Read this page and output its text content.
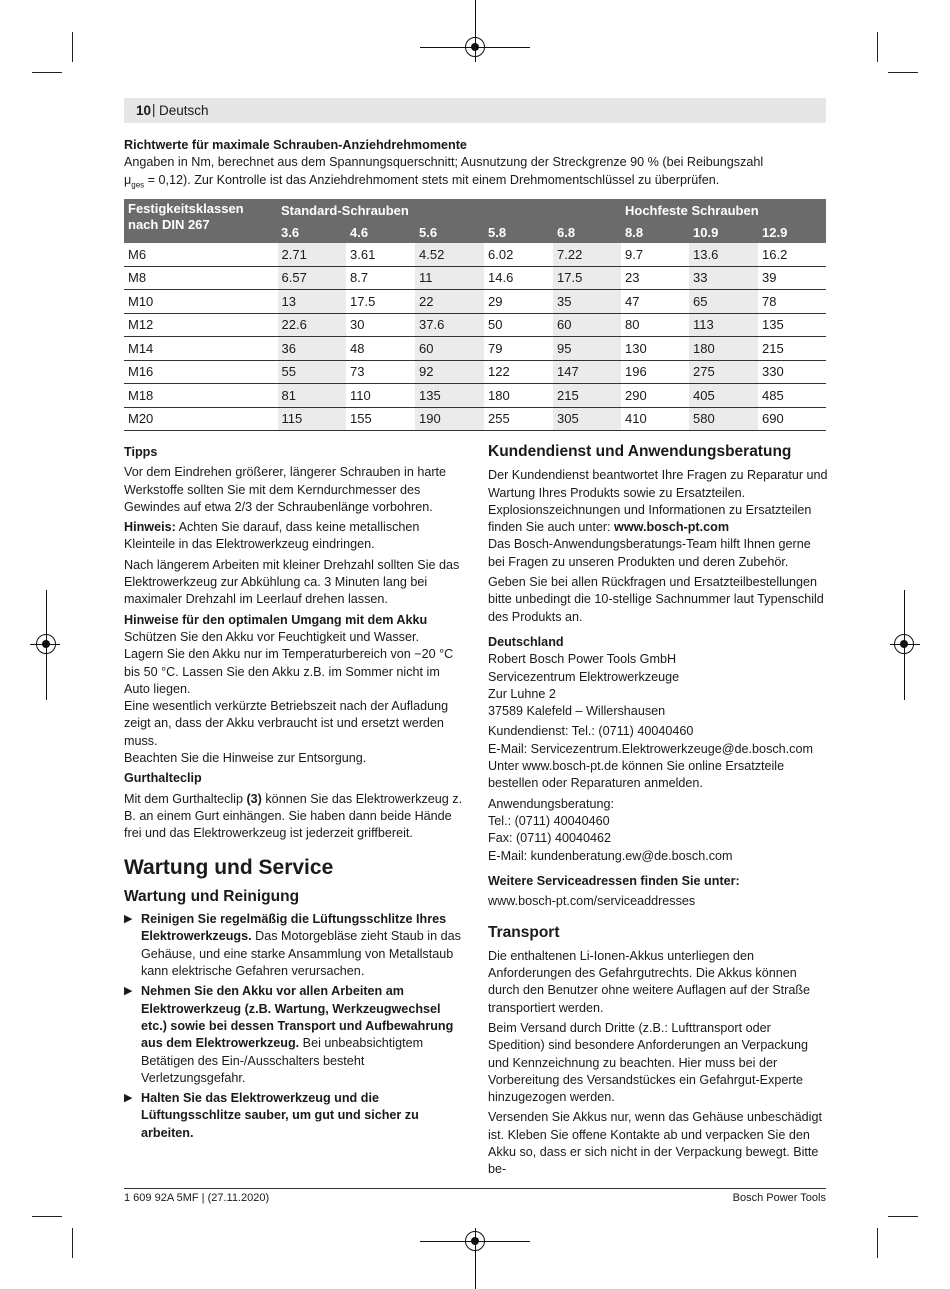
10 | Deutsch
Richtwerte für maximale Schrauben-Anziehdrehmomente
Angaben in Nm, berechnet aus dem Spannungsquerschnitt; Ausnutzung der Streckgrenze 90 % (bei Reibungszahl
$\mu_{ges} = 0,12$). Zur Kontrolle ist das Anziehdrehmoment stets mit einem Drehmomentschlüssel zu überprüfen.
Festigkeitsklassen nach DIN 267	Standard-Schrauben					Hochfeste Schrauben		
	3.6	4.6	5.6	5.8	6.8	8.8	10.9	12.9
M6	2.71	3.61	4.52	6.02	7.22	9.7	13.6	16.2
M8	6.57	8.7	11	14.6	17.5	23	33	39
M10	13	17.5	22	29	35	47	65	78
M12	22.6	30	37.6	50	60	80	113	135
M14	36	48	60	79	95	130	180	215
M16	55	73	92	122	147	196	275	330
M18	81	110	135	180	215	290	405	485
M20	115	155	190	255	305	410	580	690
Tipps
Vor dem Eindrehen größerer, längerer Schrauben in harte Werkstoffe sollten Sie mit dem Kerndurchmesser des Gewindes auf etwa 2/3 der Schraubenlänge vorbohren.
Hinweis: Achten Sie darauf, dass keine metallischen Kleinteile in das Elektrowerkzeug eindringen.
Nach längerem Arbeiten mit kleiner Drehzahl sollten Sie das Elektrowerkzeug zur Abkühlung ca. 3 Minuten lang bei maximaler Drehzahl im Leerlauf drehen lassen.
Hinweise für den optimalen Umgang mit dem Akku
Schützen Sie den Akku vor Feuchtigkeit und Wasser.
Lagern Sie den Akku nur im Temperaturbereich von −20 °C bis 50 °C. Lassen Sie den Akku z.B. im Sommer nicht im Auto liegen.
Eine wesentlich verkürzte Betriebszeit nach der Aufladung zeigt an, dass der Akku verbraucht ist und ersetzt werden muss.
Beachten Sie die Hinweise zur Entsorgung.
Gurthalteclip
Mit dem Gurthalteclip (3) können Sie das Elektrowerkzeug z. B. an einem Gurt einhängen. Sie haben dann beide Hände frei und das Elektrowerkzeug ist jederzeit griffbereit.
Wartung und Service
Wartung und Reinigung
▶ Reinigen Sie regelmäßig die Lüftungsschlitze Ihres Elektrowerkzeugs. Das Motorgebläse zieht Staub in das Gehäuse, und eine starke Ansammlung von Metallstaub kann elektrische Gefahren verursachen.
▶ Nehmen Sie den Akku vor allen Arbeiten am Elektrowerkzeug (z.B. Wartung, Werkzeugwechsel etc.) sowie bei dessen Transport und Aufbewahrung aus dem Elektrowerkzeug. Bei unbeabsichtigtem Betätigen des Ein-/Ausschalters besteht Verletzungsgefahr.
▶ Halten Sie das Elektrowerkzeug und die Lüftungsschlitze sauber, um gut und sicher zu arbeiten.
Kundendienst und Anwendungsberatung
Der Kundendienst beantwortet Ihre Fragen zu Reparatur und Wartung Ihres Produkts sowie zu Ersatzteilen. Explosionszeichnungen und Informationen zu Ersatzteilen finden Sie auch unter: www.bosch-pt.com
Das Bosch-Anwendungsberatungs-Team hilft Ihnen gerne bei Fragen zu unseren Produkten und deren Zubehör.
Geben Sie bei allen Rückfragen und Ersatzteilbestellungen bitte unbedingt die 10‑stellige Sachnummer laut Typenschild des Produkts an.
Deutschland
Robert Bosch Power Tools GmbH
Servicezentrum Elektrowerkzeuge
Zur Luhne 2
37589 Kalefeld – Willershausen
Kundendienst: Tel.: (0711) 40040460
E-Mail: Servicezentrum.Elektrowerkzeuge@de.bosch.com
Unter www.bosch-pt.de können Sie online Ersatzteile bestellen oder Reparaturen anmelden.
Anwendungsberatung:
Tel.: (0711) 40040460
Fax: (0711) 40040462
E-Mail: kundenberatung.ew@de.bosch.com
Weitere Serviceadressen finden Sie unter:
www.bosch-pt.com/serviceaddresses
Transport
Die enthaltenen Li-Ionen-Akkus unterliegen den Anforderungen des Gefahrgutrechts. Die Akkus können durch den Benutzer ohne weitere Auflagen auf der Straße transportiert werden.
Beim Versand durch Dritte (z.B.: Lufttransport oder Spedition) sind besondere Anforderungen an Verpackung und Kennzeichnung zu beachten. Hier muss bei der Vorbereitung des Versandstückes ein Gefahrgut-Experte hinzugezogen werden.
Versenden Sie Akkus nur, wenn das Gehäuse unbeschädigt ist. Kleben Sie offene Kontakte ab und verpacken Sie den Akku so, dass er sich nicht in der Verpackung bewegt. Bitte be-
1 609 92A 5MF | (27.11.2020)	Bosch Power Tools
